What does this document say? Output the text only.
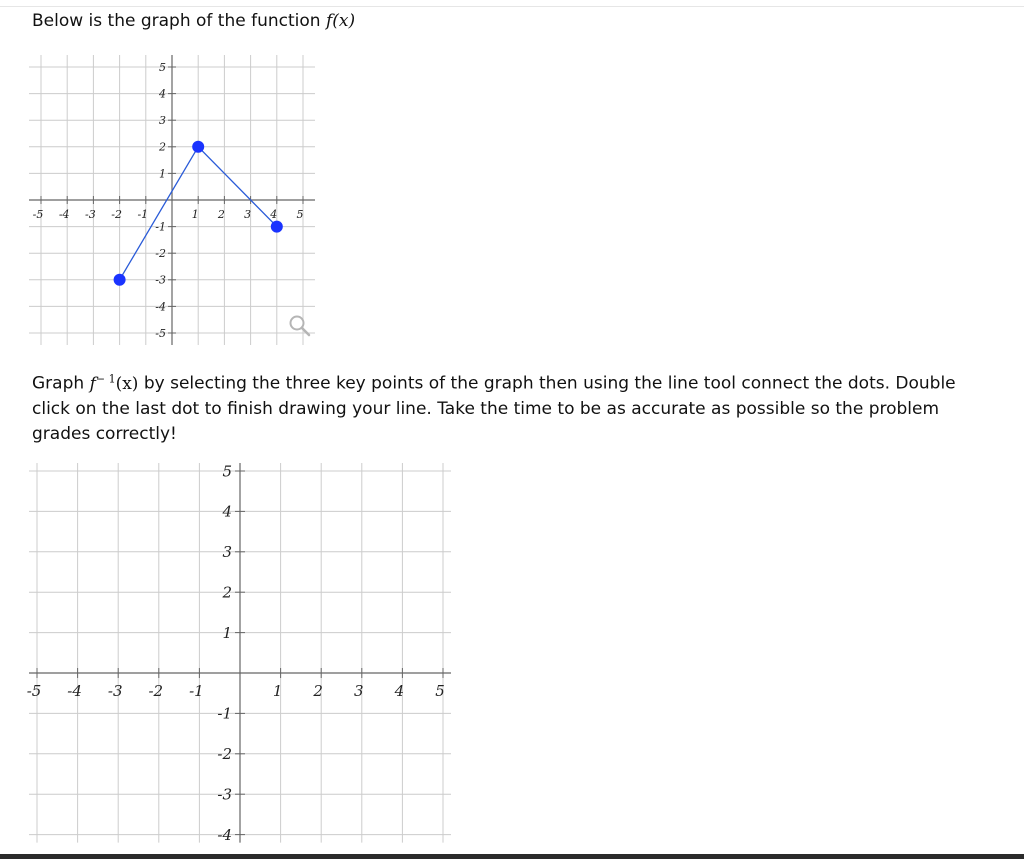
Below is the graph of the function f(x)
-5 -4 -3 -2 -1	1 2 3 4 5
5
4
3
2
1
-1
-2
-3
-4
-5
Graph $f^{- 1}(x)$ by selecting the three key points of the graph then using the line tool connect the dots. Double click on the last dot to finish drawing your line. Take the time to be as accurate as possible so the problem grades correctly!
-5 -4 -3 -2 -1	1 2 3 4 5
5
4
3
2
1
-1
-2
-3
-4
